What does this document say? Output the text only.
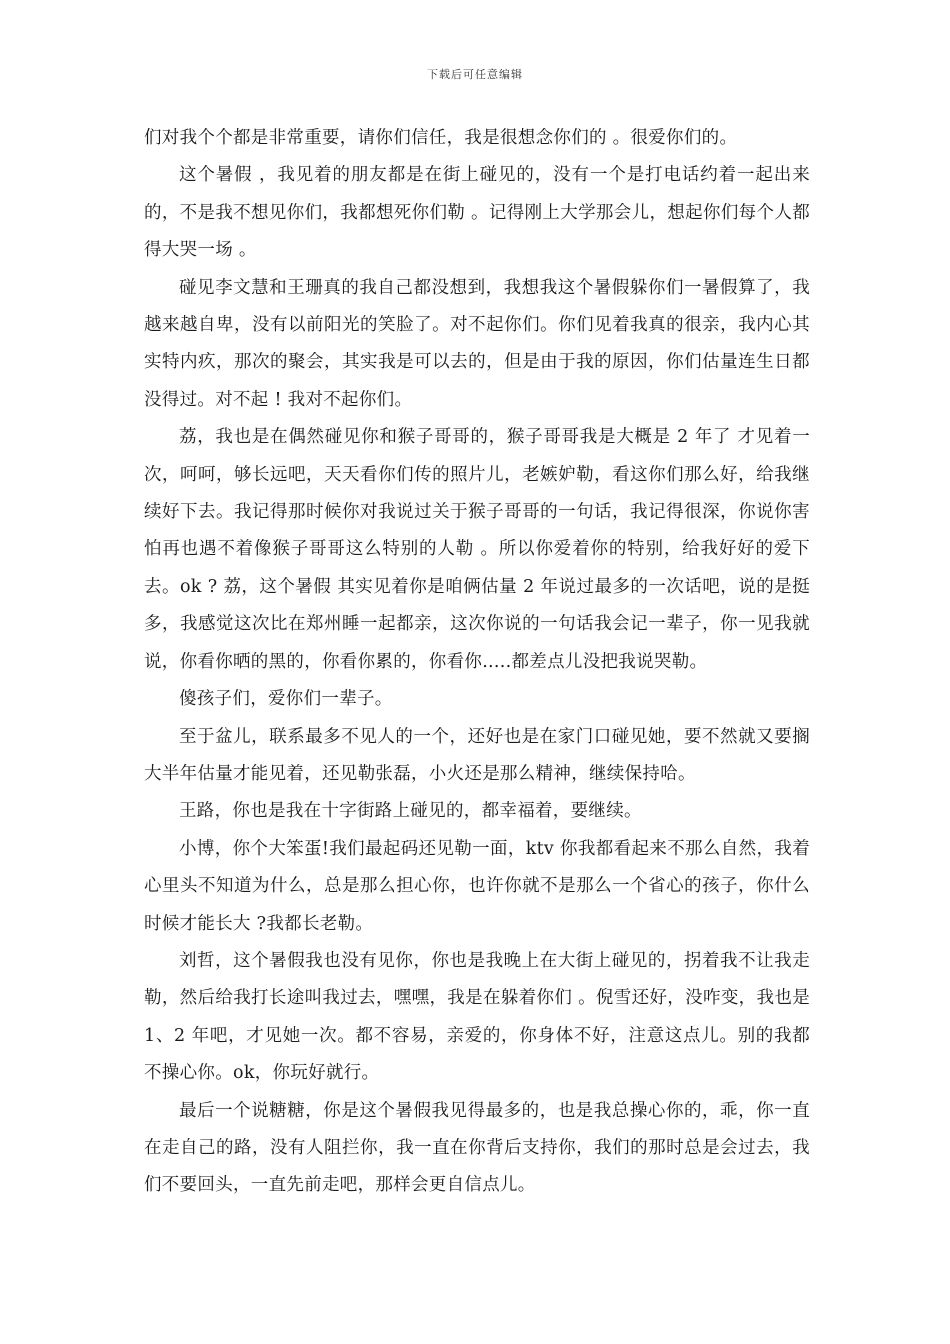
下载后可任意编辑

们对我个个都是非常重要，请你们信任，我是很想念你们的 。很爱你们的。

这个暑假 ，我见着的朋友都是在街上碰见的，没有一个是打电话约着一起出来的，不是我不想见你们，我都想死你们勒 。记得刚上大学那会儿，想起你们每个人都得大哭一场 。

碰见李文慧和王珊真的我自己都没想到，我想我这个暑假躲你们一暑假算了，我越来越自卑，没有以前阳光的笑脸了。对不起你们。你们见着我真的很亲，我内心其实特内疚，那次的聚会，其实我是可以去的，但是由于我的原因，你们估量连生日都没得过。对不起 ! 我对不起你们。

荔，我也是在偶然碰见你和猴子哥哥的，猴子哥哥我是大概是 2 年了 才见着一次，呵呵，够长远吧，天天看你们传的照片儿，老嫉妒勒，看这你们那么好，给我继续好下去。我记得那时候你对我说过关于猴子哥哥的一句话，我记得很深，你说你害怕再也遇不着像猴子哥哥这么特别的人勒 。所以你爱着你的特别，给我好好的爱下去。ok ? 荔，这个暑假 其实见着你是咱俩估量 2 年说过最多的一次话吧，说的是挺多，我感觉这次比在郑州睡一起都亲，这次你说的一句话我会记一辈子，你一见我就说，你看你晒的黑的，你看你累的，你看你.....都差点儿没把我说哭勒。

傻孩子们，爱你们一辈子。

至于盆儿，联系最多不见人的一个，还好也是在家门口碰见她，要不然就又要搁大半年估量才能见着，还见勒张磊，小火还是那么精神，继续保持哈。

王路，你也是我在十字街路上碰见的，都幸福着，要继续。

小博，你个大笨蛋!我们最起码还见勒一面，ktv 你我都看起来不那么自然，我着心里头不知道为什么，总是那么担心你，也许你就不是那么一个省心的孩子，你什么时候才能长大 ?我都长老勒。

刘哲，这个暑假我也没有见你，你也是我晚上在大街上碰见的，拐着我不让我走勒，然后给我打长途叫我过去，嘿嘿，我是在躲着你们 。倪雪还好，没咋变，我也是 1、2 年吧，才见她一次。都不容易，亲爱的，你身体不好，注意这点儿。别的我都不操心你。ok，你玩好就行。

最后一个说糖糖，你是这个暑假我见得最多的，也是我总操心你的，乖，你一直在走自己的路，没有人阻拦你，我一直在你背后支持你，我们的那时总是会过去，我们不要回头，一直先前走吧，那样会更自信点儿。
